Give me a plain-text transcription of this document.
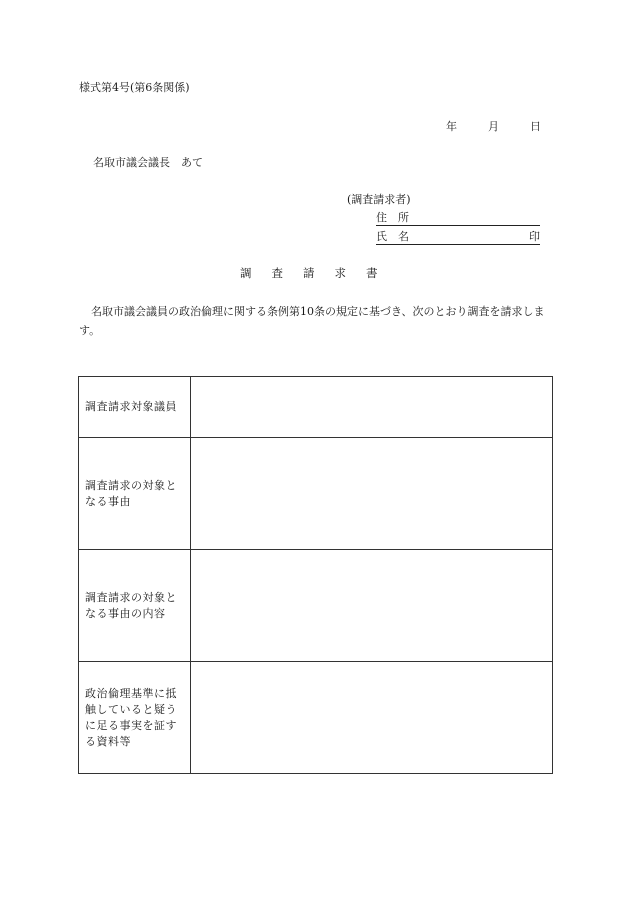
様式第4号(第6条関係)
年	月	日
名取市議会議長　あて
(調査請求者)
住　所
氏　名	印
調査請求書
名取市議会議員の政治倫理に関する条例第10条の規定に基づき、次のとおり調査を請求します。
調査請求対象議員	
調査請求の対象となる事由	
調査請求の対象となる事由の内容	
政治倫理基準に抵触していると疑うに足る事実を証する資料等	
